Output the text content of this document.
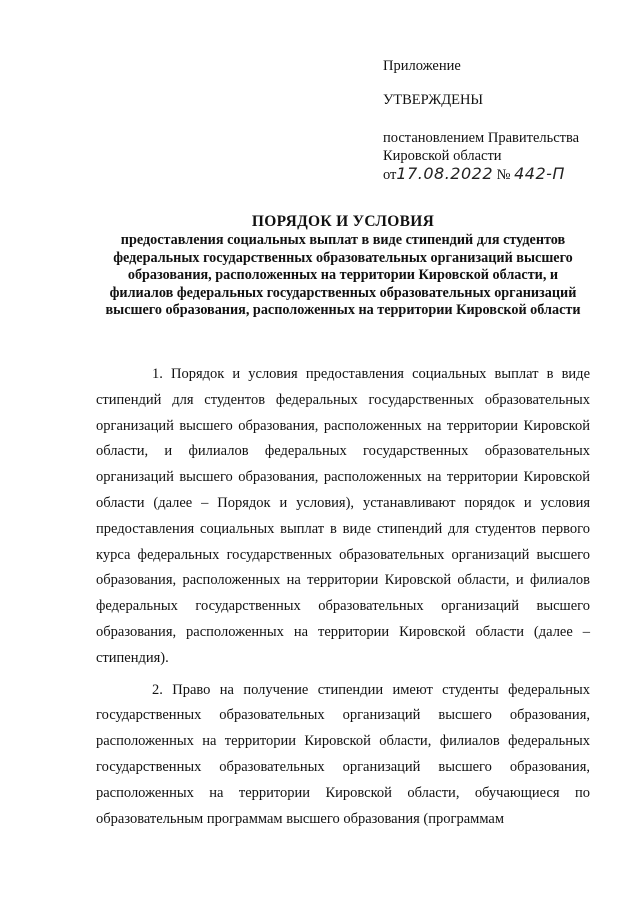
Приложение
УТВЕРЖДЕНЫ
постановлением Правительства
Кировской области
от17.08.2022 № 442-П
ПОРЯДОК И УСЛОВИЯ
предоставления социальных выплат в виде стипендий для студентов федеральных государственных образовательных организаций высшего образования, расположенных на территории Кировской области, и филиалов федеральных государственных образовательных организаций высшего образования, расположенных на территории Кировской области

1. Порядок и условия предоставления социальных выплат в виде стипендий для студентов федеральных государственных образовательных организаций высшего образования, расположенных на территории Кировской области, и филиалов федеральных государственных образовательных организаций высшего образования, расположенных на территории Кировской области (далее – Порядок и условия), устанавливают порядок и условия предоставления социальных выплат в виде стипендий для студентов первого курса федеральных государственных образовательных организаций высшего образования, расположенных на территории Кировской области, и филиалов федеральных государственных образовательных организаций высшего образования, расположенных на территории Кировской области (далее – стипендия).

2. Право на получение стипендии имеют студенты федеральных государственных образовательных организаций высшего образования, расположенных на территории Кировской области, филиалов федеральных государственных образовательных организаций высшего образования, расположенных на территории Кировской области, обучающиеся по образовательным программам высшего образования (программам
